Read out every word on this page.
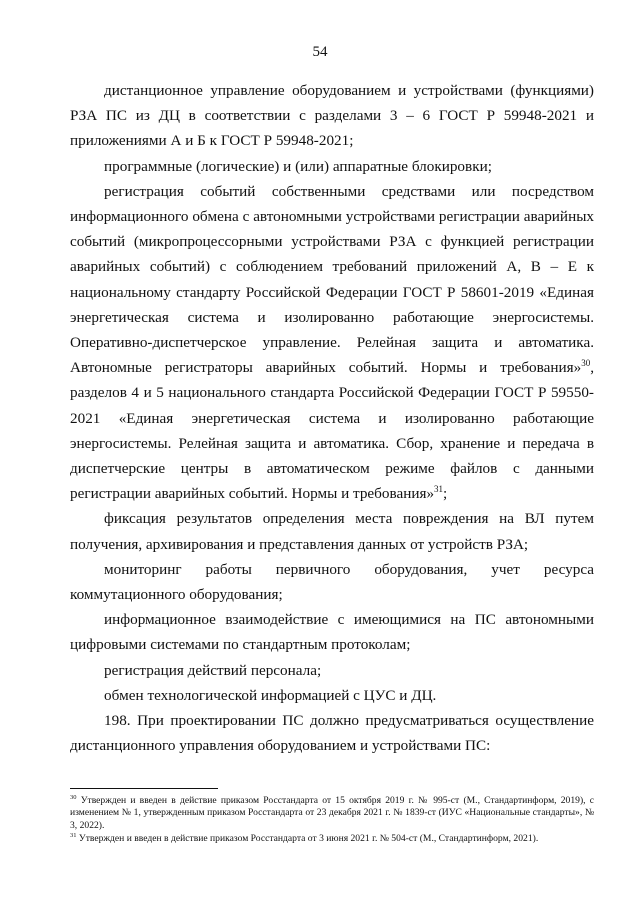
54

дистанционное управление оборудованием и устройствами (функциями) РЗА ПС из ДЦ в соответствии с разделами 3 – 6 ГОСТ Р 59948-2021 и приложениями А и Б к ГОСТ Р 59948-2021;

программные (логические) и (или) аппаратные блокировки;

регистрация событий собственными средствами или посредством информационного обмена с автономными устройствами регистрации аварийных событий (микропроцессорными устройствами РЗА с функцией регистрации аварийных событий) с соблюдением требований приложений А, В – Е к национальному стандарту Российской Федерации ГОСТ Р 58601-2019 «Единая энергетическая система и изолированно работающие энергосистемы. Оперативно-диспетчерское управление. Релейная защита и автоматика. Автономные регистраторы аварийных событий. Нормы и требования»$^{30}$, разделов 4 и 5 национального стандарта Российской Федерации ГОСТ Р 59550-2021 «Единая энергетическая система и изолированно работающие энергосистемы. Релейная защита и автоматика. Сбор, хранение и передача в диспетчерские центры в автоматическом режиме файлов с данными регистрации аварийных событий. Нормы и требования»$^{31}$;

фиксация результатов определения места повреждения на ВЛ путем получения, архивирования и представления данных от устройств РЗА;

мониторинг работы первичного оборудования, учет ресурса коммутационного оборудования;

информационное взаимодействие с имеющимися на ПС автономными цифровыми системами по стандартным протоколам;

регистрация действий персонала;

обмен технологической информацией с ЦУС и ДЦ.

198. При проектировании ПС должно предусматриваться осуществление дистанционного управления оборудованием и устройствами ПС:

$^{30}$ Утвержден и введен в действие приказом Росстандарта от 15 октября 2019 г. № 995-ст (М., Стандартинформ, 2019), с изменением № 1, утвержденным приказом Росстандарта от 23 декабря 2021 г. № 1839-ст (ИУС «Национальные стандарты», № 3, 2022).

$^{31}$ Утвержден и введен в действие приказом Росстандарта от 3 июня 2021 г. № 504-ст (М., Стандартинформ, 2021).
